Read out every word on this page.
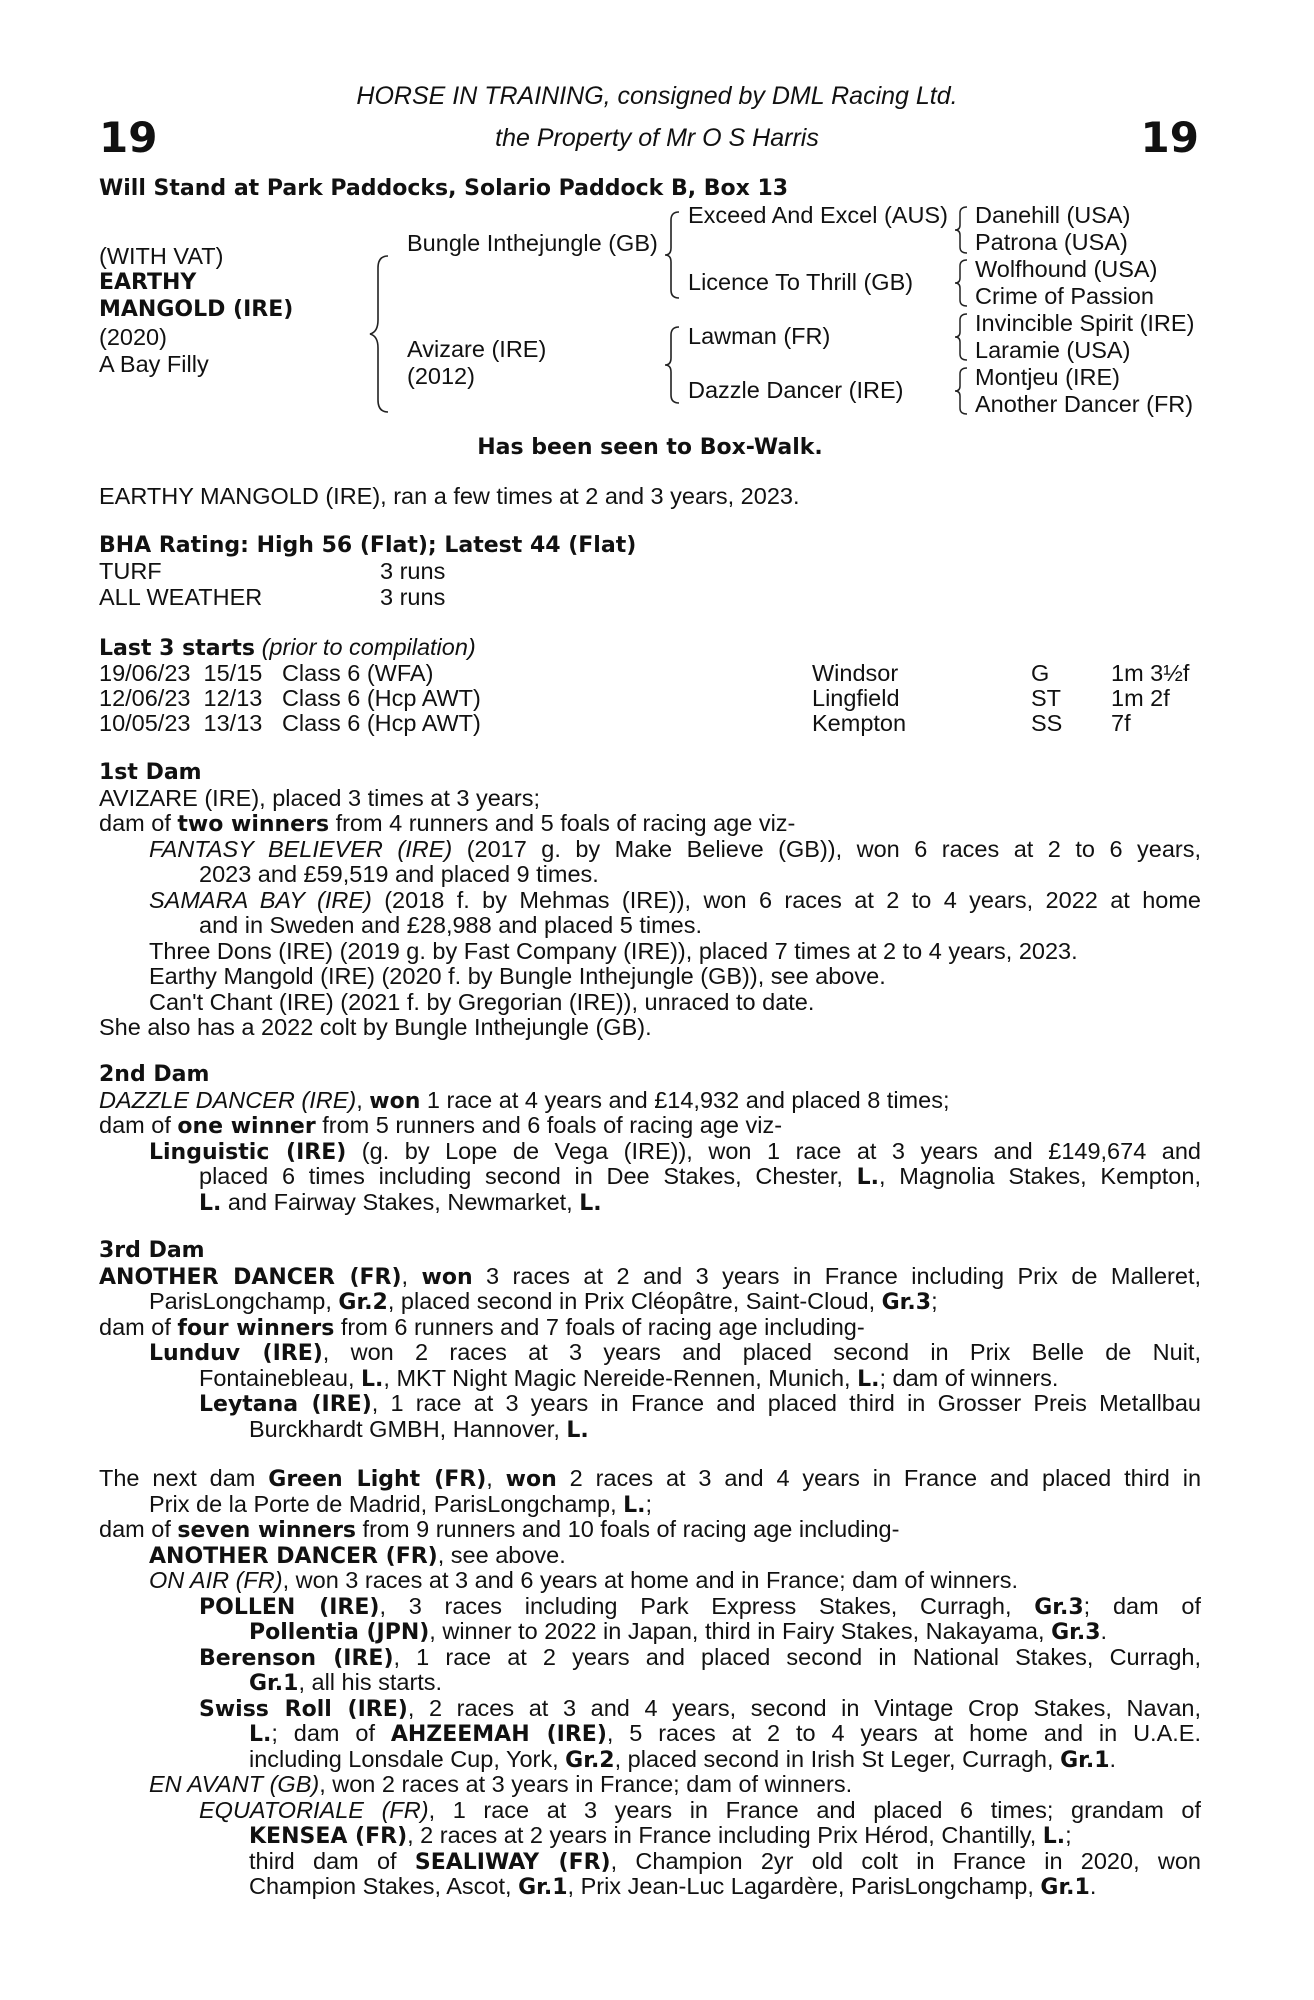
19	19
HORSE IN TRAINING, consigned by DML Racing Ltd.
the Property of Mr O S Harris
Will Stand at Park Paddocks, Solario Paddock B, Box 13
(WITH VAT)
EARTHY
MANGOLD (IRE)
(2020)
A Bay Filly
Bungle Inthejungle (GB)
Avizare (IRE)
(2012)
Exceed And Excel (AUS)
Licence To Thrill (GB)
Lawman (FR)
Dazzle Dancer (IRE)
Danehill (USA)
Patrona (USA)
Wolfhound (USA)
Crime of Passion
Invincible Spirit (IRE)
Laramie (USA)
Montjeu (IRE)
Another Dancer (FR)
Has been seen to Box-Walk.
EARTHY MANGOLD (IRE), ran a few times at 2 and 3 years, 2023.
BHA Rating: High 56 (Flat); Latest 44 (Flat)
TURF	3 runs
ALL WEATHER	3 runs
Last 3 starts (prior to compilation)
19/06/23 15/15 Class 6 (WFA)	Windsor	G	1m 3½f
12/06/23 12/13 Class 6 (Hcp AWT)	Lingfield	ST 1m 2f
10/05/23 13/13 Class 6 (Hcp AWT)	Kempton	SS 7f
1st Dam
AVIZARE (IRE), placed 3 times at 3 years;
dam of two winners from 4 runners and 5 foals of racing age viz-
FANTASY BELIEVER (IRE) (2017 g. by Make Believe (GB)), won 6 races at 2 to 6 years,
2023 and £59,519 and placed 9 times.
SAMARA BAY (IRE) (2018 f. by Mehmas (IRE)), won 6 races at 2 to 4 years, 2022 at home
and in Sweden and £28,988 and placed 5 times.
Three Dons (IRE) (2019 g. by Fast Company (IRE)), placed 7 times at 2 to 4 years, 2023.
Earthy Mangold (IRE) (2020 f. by Bungle Inthejungle (GB)), see above.
Can't Chant (IRE) (2021 f. by Gregorian (IRE)), unraced to date.
She also has a 2022 colt by Bungle Inthejungle (GB).
2nd Dam
DAZZLE DANCER (IRE), won 1 race at 4 years and £14,932 and placed 8 times;
dam of one winner from 5 runners and 6 foals of racing age viz-
Linguistic (IRE) (g. by Lope de Vega (IRE)), won 1 race at 3 years and £149,674 and
placed 6 times including second in Dee Stakes, Chester, L., Magnolia Stakes, Kempton,
L. and Fairway Stakes, Newmarket, L.
3rd Dam
ANOTHER DANCER (FR), won 3 races at 2 and 3 years in France including Prix de Malleret,
ParisLongchamp, Gr.2, placed second in Prix Cléopâtre, Saint-Cloud, Gr.3;
dam of four winners from 6 runners and 7 foals of racing age including-
Lunduv (IRE), won 2 races at 3 years and placed second in Prix Belle de Nuit,
Fontainebleau, L., MKT Night Magic Nereide-Rennen, Munich, L.; dam of winners.
Leytana (IRE), 1 race at 3 years in France and placed third in Grosser Preis Metallbau
Burckhardt GMBH, Hannover, L.
The next dam Green Light (FR), won 2 races at 3 and 4 years in France and placed third in
Prix de la Porte de Madrid, ParisLongchamp, L.;
dam of seven winners from 9 runners and 10 foals of racing age including-
ANOTHER DANCER (FR), see above.
ON AIR (FR), won 3 races at 3 and 6 years at home and in France; dam of winners.
POLLEN (IRE), 3 races including Park Express Stakes, Curragh, Gr.3; dam of
Pollentia (JPN), winner to 2022 in Japan, third in Fairy Stakes, Nakayama, Gr.3.
Berenson (IRE), 1 race at 2 years and placed second in National Stakes, Curragh,
Gr.1, all his starts.
Swiss Roll (IRE), 2 races at 3 and 4 years, second in Vintage Crop Stakes, Navan,
L.; dam of AHZEEMAH (IRE), 5 races at 2 to 4 years at home and in U.A.E.
including Lonsdale Cup, York, Gr.2, placed second in Irish St Leger, Curragh, Gr.1.
EN AVANT (GB), won 2 races at 3 years in France; dam of winners.
EQUATORIALE (FR), 1 race at 3 years in France and placed 6 times; grandam of
KENSEA (FR), 2 races at 2 years in France including Prix Hérod, Chantilly, L.;
third dam of SEALIWAY (FR), Champion 2yr old colt in France in 2020, won
Champion Stakes, Ascot, Gr.1, Prix Jean-Luc Lagardère, ParisLongchamp, Gr.1.
